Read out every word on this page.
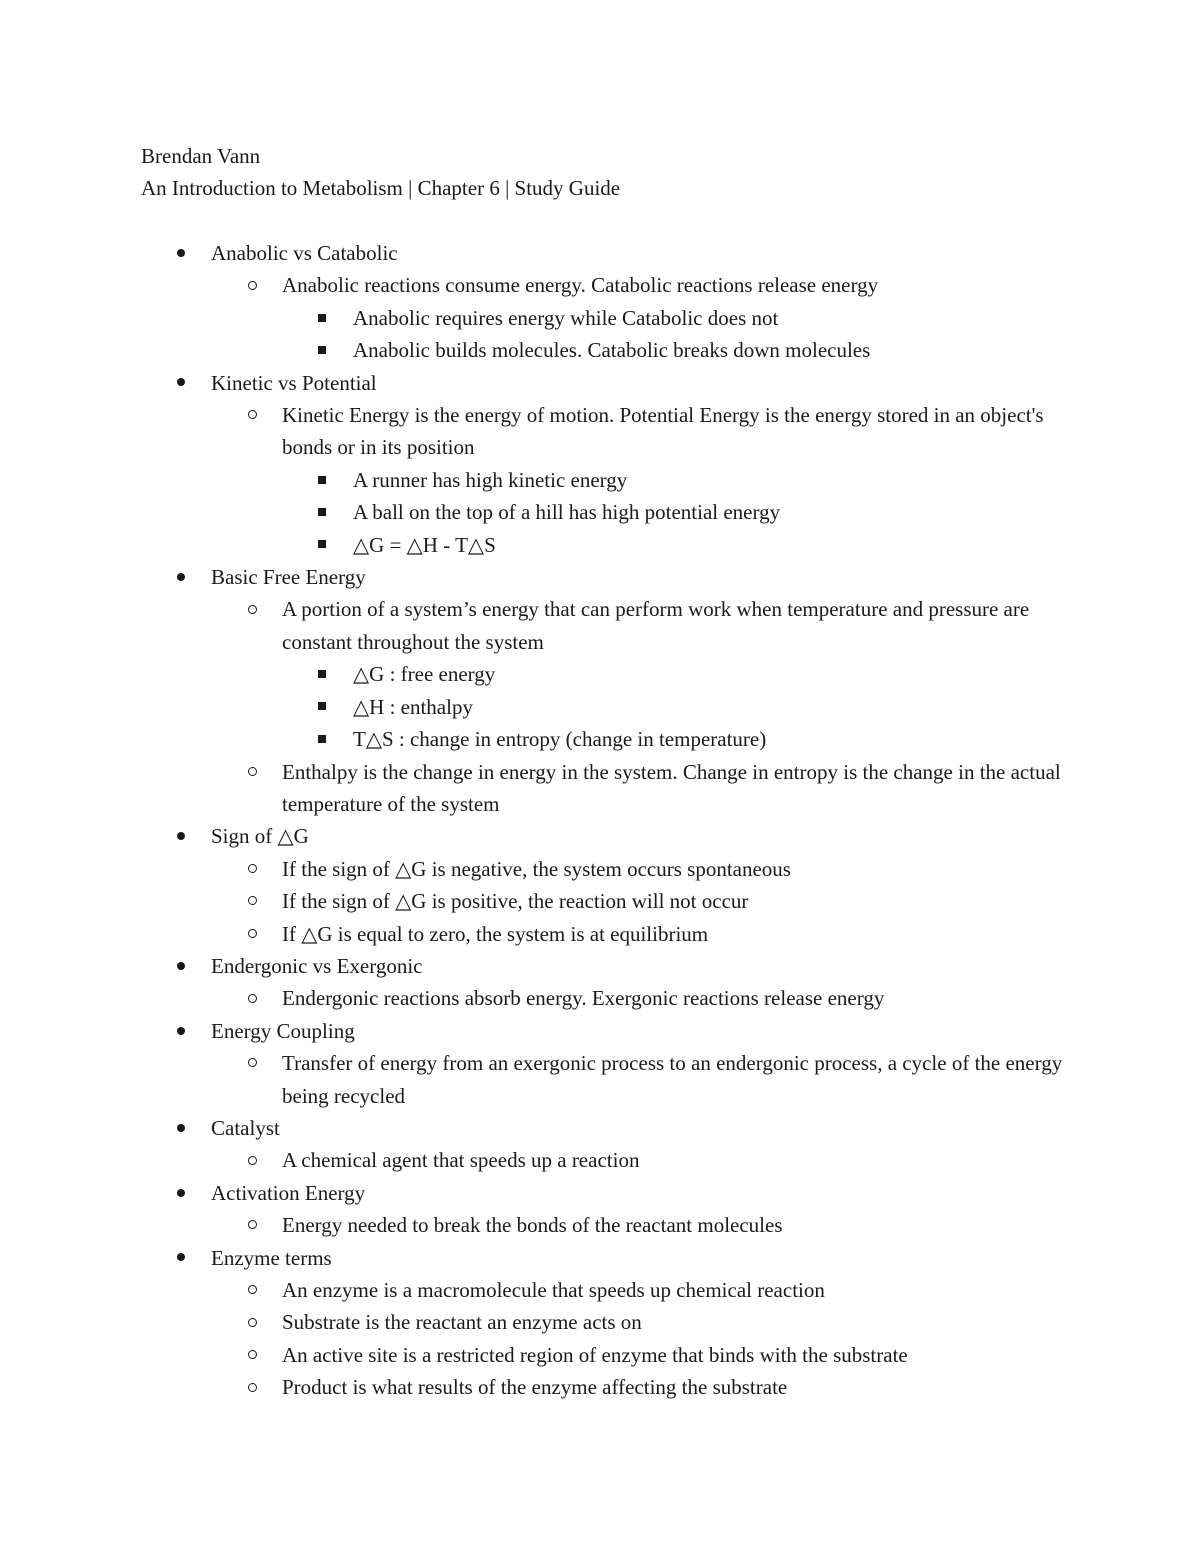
Brendan Vann
An Introduction to Metabolism | Chapter 6 | Study Guide
Anabolic vs Catabolic
Anabolic reactions consume energy. Catabolic reactions release energy
Anabolic requires energy while Catabolic does not
Anabolic builds molecules. Catabolic breaks down molecules
Kinetic vs Potential
Kinetic Energy is the energy of motion. Potential Energy is the energy stored in an object's bonds or in its position
A runner has high kinetic energy
A ball on the top of a hill has high potential energy
△G = △H - T△S
Basic Free Energy
A portion of a system’s energy that can perform work when temperature and pressure are constant throughout the system
△G : free energy
△H : enthalpy
T△S : change in entropy (change in temperature)
Enthalpy is the change in energy in the system. Change in entropy is the change in the actual temperature of the system
Sign of △G
If the sign of △G is negative, the system occurs spontaneous
If the sign of △G is positive, the reaction will not occur
If △G is equal to zero, the system is at equilibrium
Endergonic vs Exergonic
Endergonic reactions absorb energy. Exergonic reactions release energy
Energy Coupling
Transfer of energy from an exergonic process to an endergonic process, a cycle of the energy being recycled
Catalyst
A chemical agent that speeds up a reaction
Activation Energy
Energy needed to break the bonds of the reactant molecules
Enzyme terms
An enzyme is a macromolecule that speeds up chemical reaction
Substrate is the reactant an enzyme acts on
An active site is a restricted region of enzyme that binds with the substrate
Product is what results of the enzyme affecting the substrate
